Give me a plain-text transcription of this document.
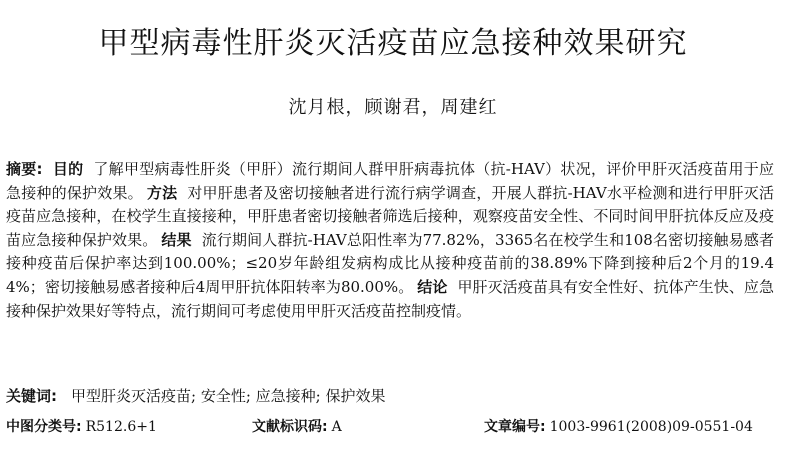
甲型病毒性肝炎灭活疫苗应急接种效果研究
沈月根，顾谢君，周建红
摘要: 目的 了解甲型病毒性肝炎（甲肝）流行期间人群甲肝病毒抗体（抗-HAV）状况，评价甲肝灭活疫苗用于应急接种的保护效果。 方法 对甲肝患者及密切接触者进行流行病学调查，开展人群抗-HAV水平检测和进行甲肝灭活疫苗应急接种，在校学生直接接种，甲肝患者密切接触者筛选后接种，观察疫苗安全性、不同时间甲肝抗体反应及疫苗应急接种保护效果。 结果 流行期间人群抗-HAV总阳性率为77.82%，3365名在校学生和108名密切接触易感者接种疫苗后保护率达到100.00%；≤20岁年龄组发病构成比从接种疫苗前的38.89%下降到接种后2个月的19.44%；密切接触易感者接种后4周甲肝抗体阳转率为80.00%。 结论 甲肝灭活疫苗具有安全性好、抗体产生快、应急接种保护效果好等特点，流行期间可考虑使用甲肝灭活疫苗控制疫情。
关键词: 甲型肝炎灭活疫苗; 安全性; 应急接种; 保护效果
中图分类号: R512.6+1	文献标识码: A	文章编号: 1003-9961(2008)09-0551-04
